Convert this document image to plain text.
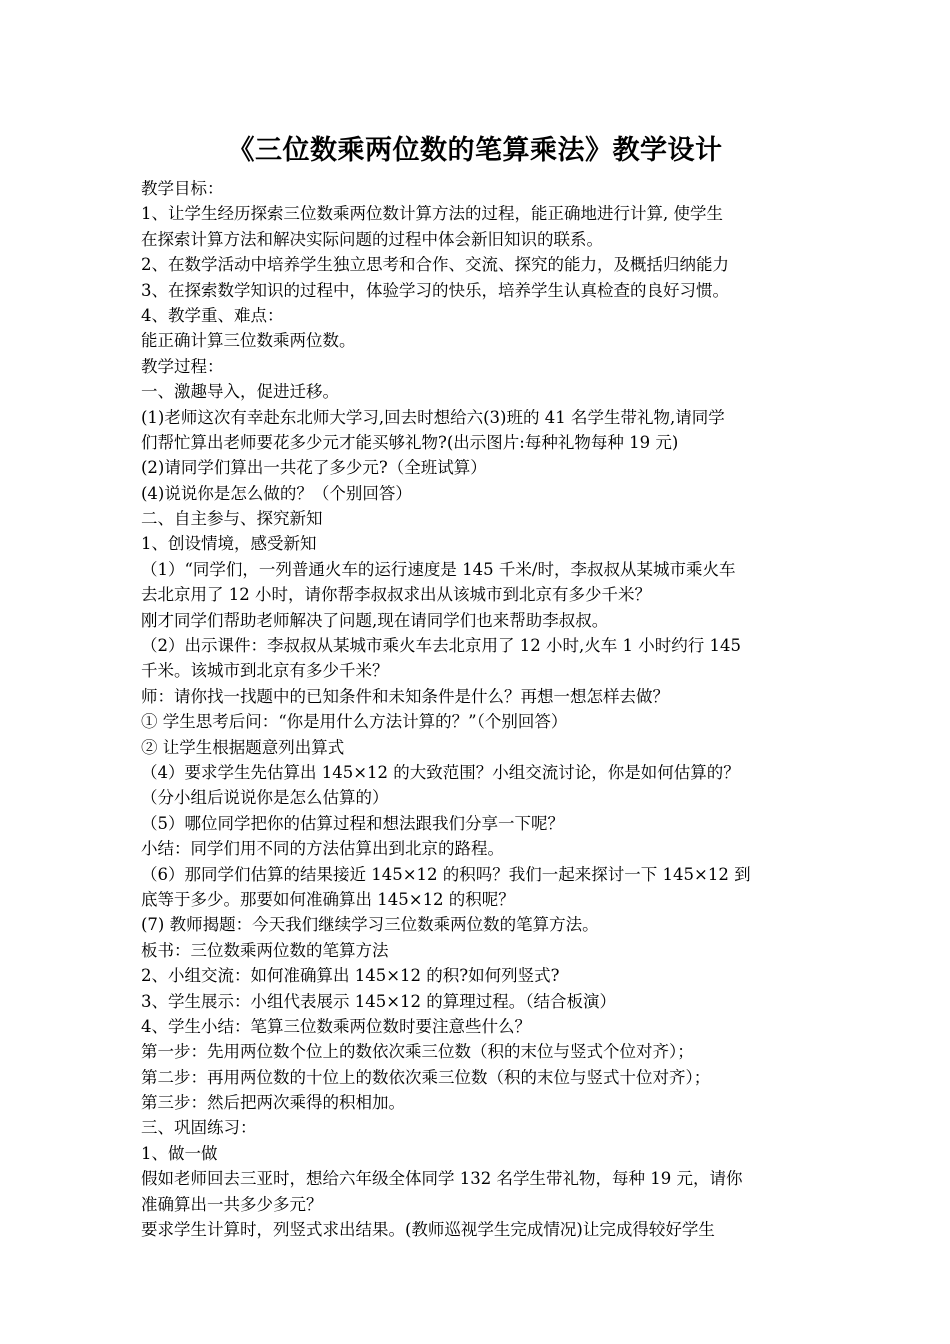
《三位数乘两位数的笔算乘法》教学设计
教学目标：
1、让学生经历探索三位数乘两位数计算方法的过程，能正确地进行计算, 使学生
在探索计算方法和解决实际问题的过程中体会新旧知识的联系。
2、在数学活动中培养学生独立思考和合作、交流、探究的能力，及概括归纳能力
3、在探索数学知识的过程中，体验学习的快乐，培养学生认真检查的良好习惯。
4、教学重、难点：
能正确计算三位数乘两位数。
教学过程：
一、激趣导入，促进迁移。
(1)老师这次有幸赴东北师大学习,回去时想给六(3)班的 41 名学生带礼物,请同学
们帮忙算出老师要花多少元才能买够礼物?(出示图片:每种礼物每种 19 元)
(2)请同学们算出一共花了多少元?（全班试算）
(4)说说你是怎么做的？（个别回答）
二、自主参与、探究新知
1、创设情境，感受新知
（1）“同学们，一列普通火车的运行速度是 145 千米/时，李叔叔从某城市乘火车
去北京用了 12 小时，请你帮李叔叔求出从该城市到北京有多少千米？
刚才同学们帮助老师解决了问题,现在请同学们也来帮助李叔叔。
（2）出示课件：李叔叔从某城市乘火车去北京用了 12 小时,火车 1 小时约行 145
千米。该城市到北京有多少千米？
师：请你找一找题中的已知条件和未知条件是什么？再想一想怎样去做？
① 学生思考后问：“你是用什么方法计算的？”（个别回答）
② 让学生根据题意列出算式
（4）要求学生先估算出 145×12 的大致范围？小组交流讨论，你是如何估算的？
（分小组后说说你是怎么估算的）
（5）哪位同学把你的估算过程和想法跟我们分享一下呢？
小结：同学们用不同的方法估算出到北京的路程。
（6）那同学们估算的结果接近 145×12 的积吗？我们一起来探讨一下 145×12 到
底等于多少。那要如何准确算出 145×12 的积呢？
(7) 教师揭题：今天我们继续学习三位数乘两位数的笔算方法。
板书：三位数乘两位数的笔算方法
2、小组交流：如何准确算出 145×12 的积?如何列竖式?
3、学生展示：小组代表展示 145×12 的算理过程。（结合板演）
4、学生小结：笔算三位数乘两位数时要注意些什么？
第一步：先用两位数个位上的数依次乘三位数（积的末位与竖式个位对齐）；
第二步：再用两位数的十位上的数依次乘三位数（积的末位与竖式十位对齐）；
第三步：然后把两次乘得的积相加。
三、巩固练习：
1、做一做
假如老师回去三亚时，想给六年级全体同学 132 名学生带礼物，每种 19 元，请你
准确算出一共多少多元？
要求学生计算时，列竖式求出结果。(教师巡视学生完成情况)让完成得较好学生
